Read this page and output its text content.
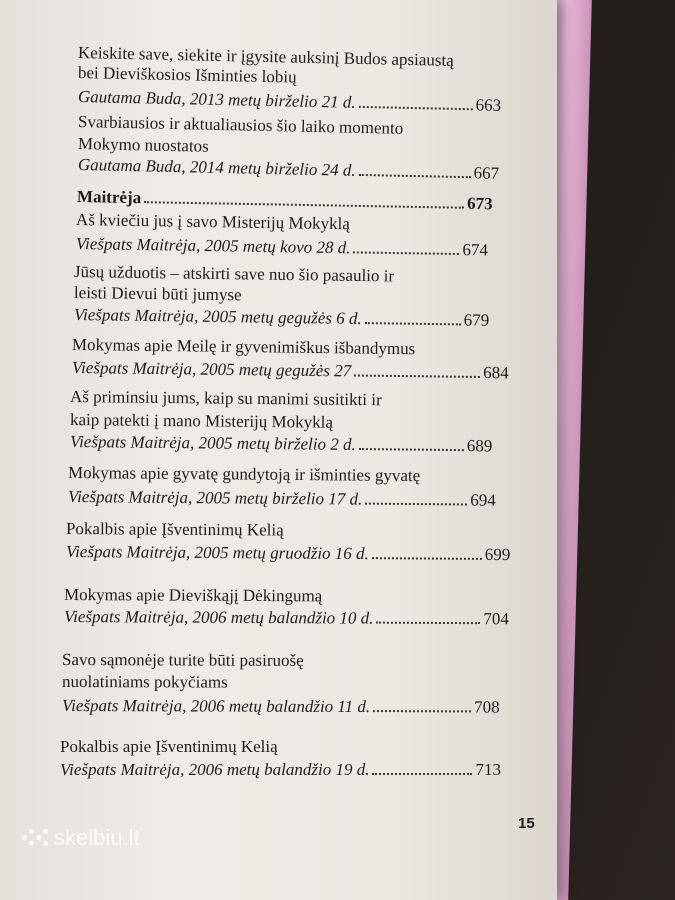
Keiskite save, siekite ir įgysite auksinį Budos apsiaustą
bei Dieviškosios Išminties lobių
Gautama Buda, 2013 metų birželio 21 d.	663
Svarbiausios ir aktualiausios šio laiko momento
Mokymo nuostatos
Gautama Buda, 2014 metų birželio 24 d.	667
Maitrėja	673
Aš kviečiu jus į savo Misterijų Mokyklą
Viešpats Maitrėja, 2005 metų kovo 28 d.	674
Jūsų užduotis – atskirti save nuo šio pasaulio ir
leisti Dievui būti jumyse
Viešpats Maitrėja, 2005 metų gegužės 6 d.	679
Mokymas apie Meilę ir gyvenimiškus išbandymus
Viešpats Maitrėja, 2005 metų gegužės 27	684
Aš priminsiu jums, kaip su manimi susitikti ir
kaip patekti į mano Misterijų Mokyklą
Viešpats Maitrėja, 2005 metų birželio 2 d.	689
Mokymas apie gyvatę gundytoją ir išminties gyvatę
Viešpats Maitrėja, 2005 metų birželio 17 d.	694
Pokalbis apie Įšventinimų Kelią
Viešpats Maitrėja, 2005 metų gruodžio 16 d.	699
Mokymas apie Dieviškąjį Dėkingumą
Viešpats Maitrėja, 2006 metų balandžio 10 d.	704
Savo sąmonėje turite būti pasiruošę
nuolatiniams pokyčiams
Viešpats Maitrėja, 2006 metų balandžio 11 d.	708
Pokalbis apie Įšventinimų Kelią
Viešpats Maitrėja, 2006 metų balandžio 19 d.	713
15
skelbiu.lt
